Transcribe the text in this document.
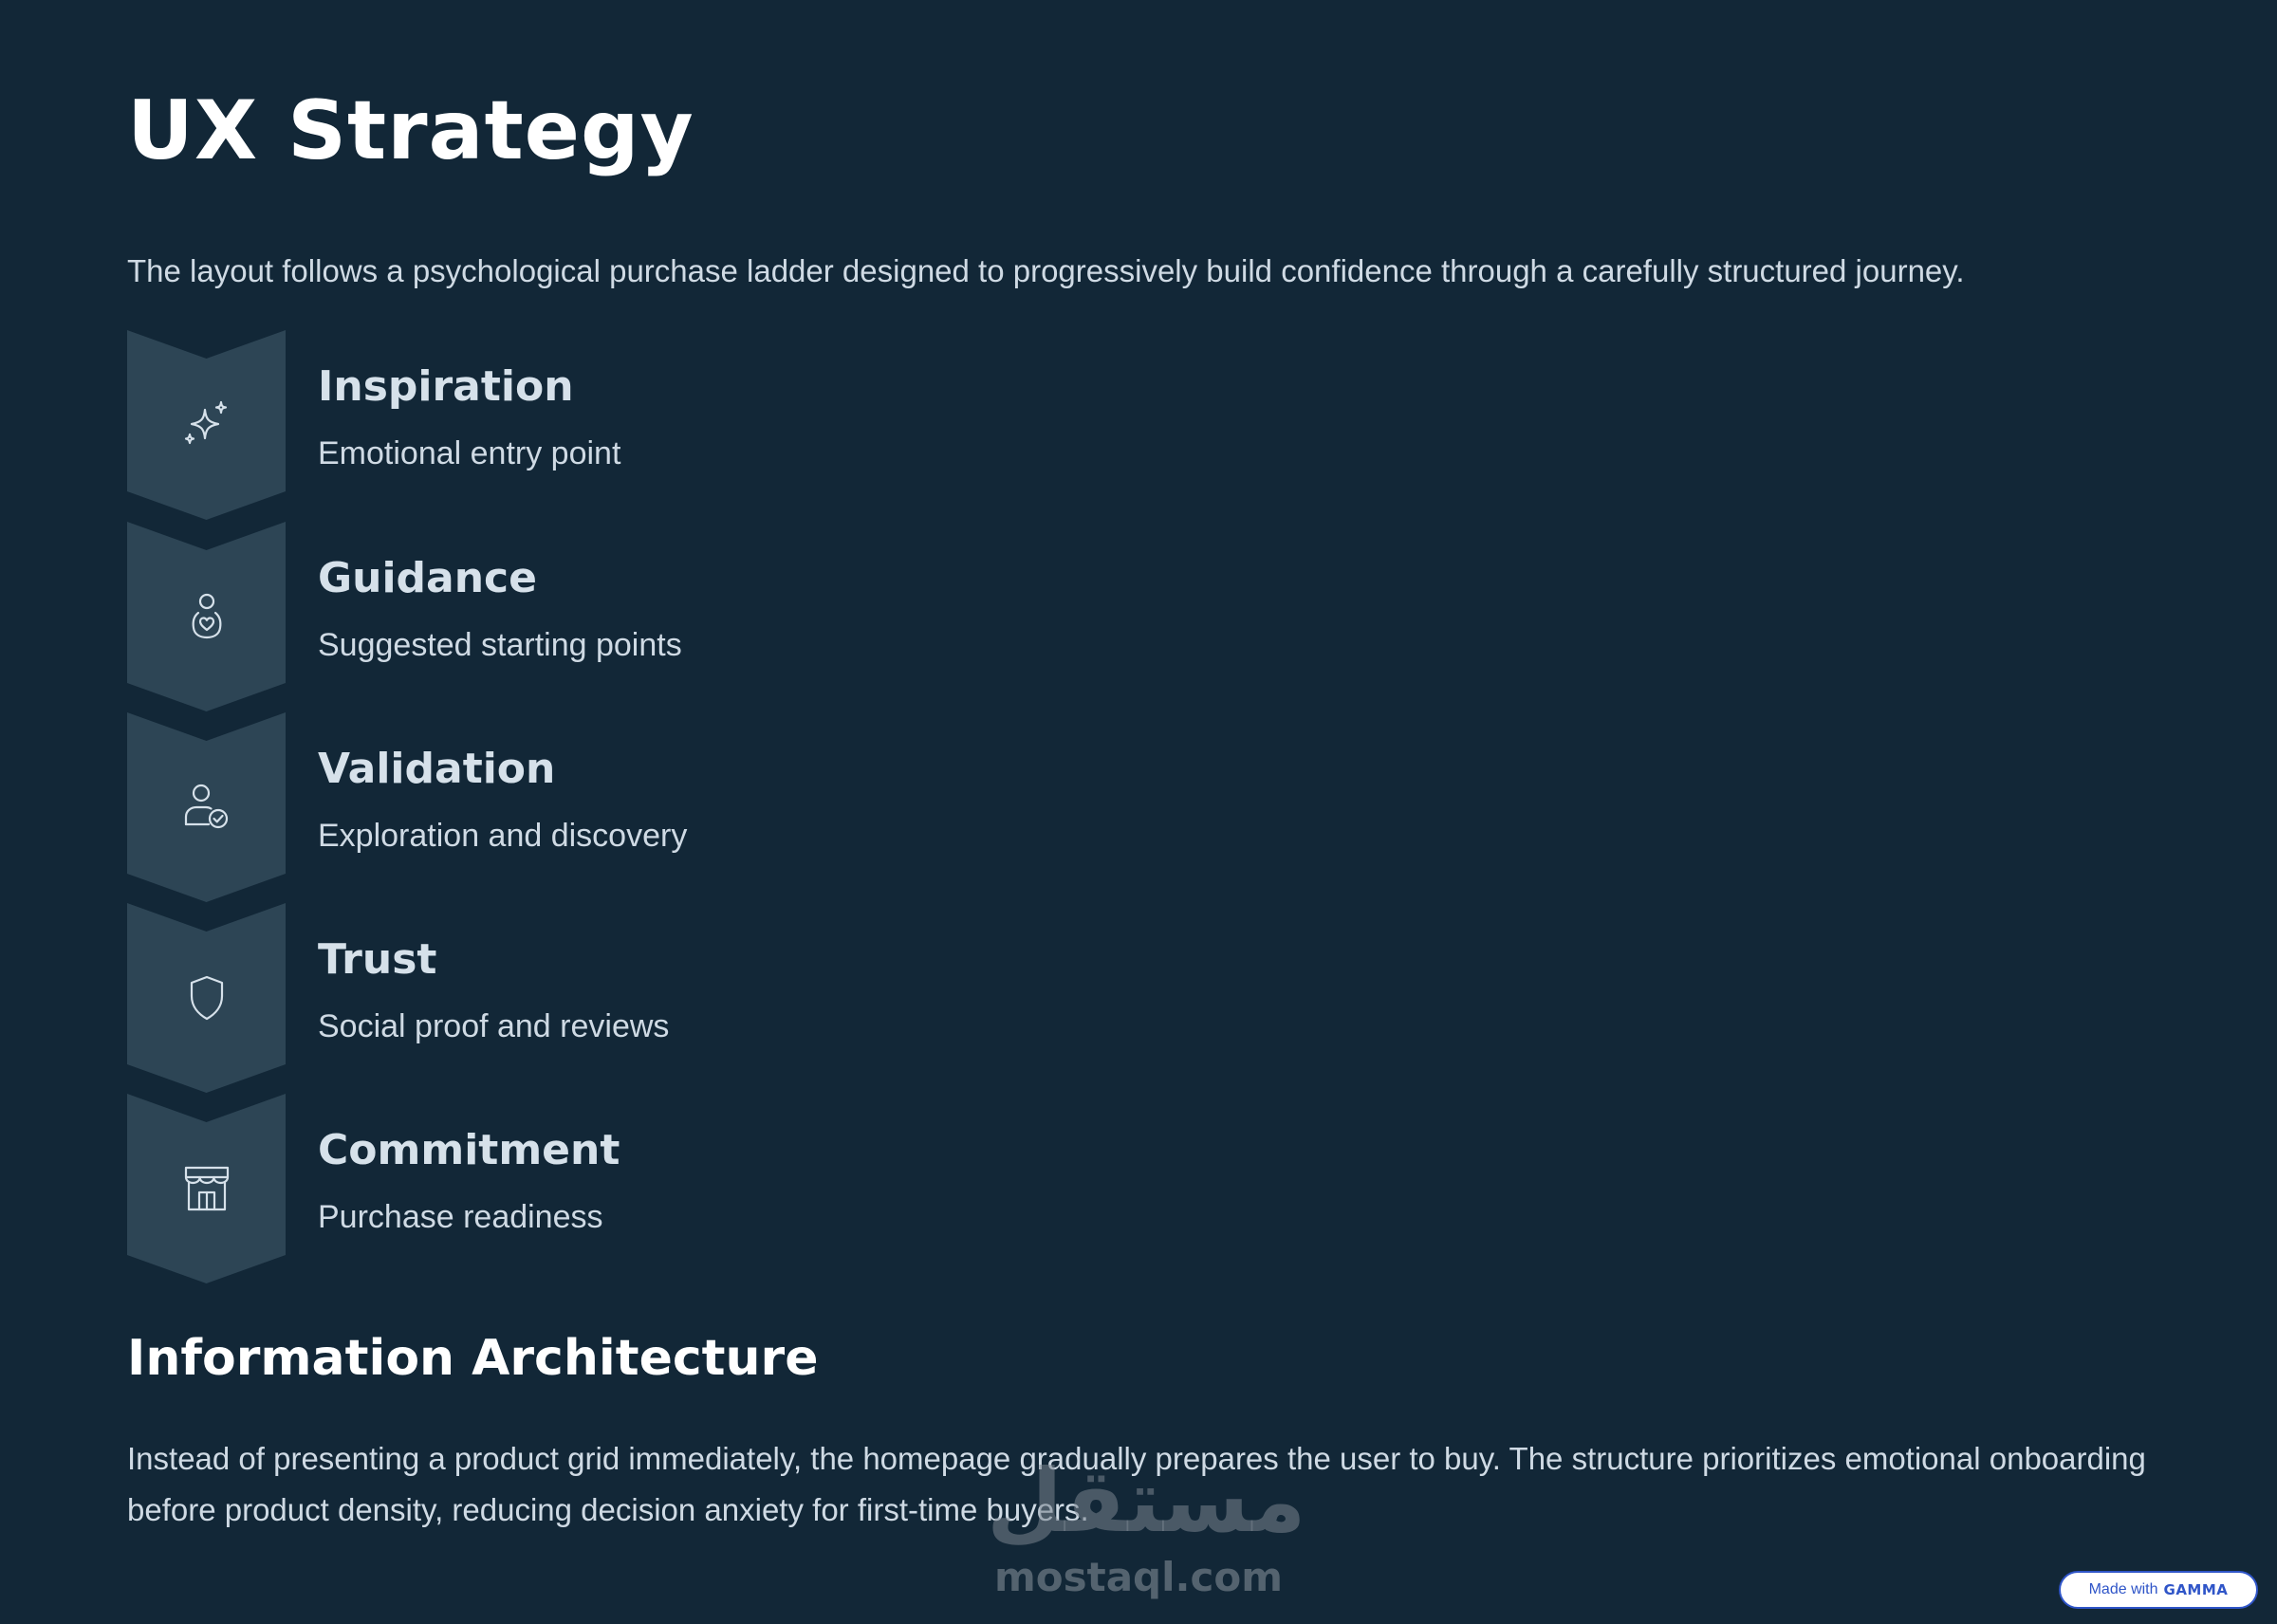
UX Strategy

The layout follows a psychological purchase ladder designed to progressively build confidence through a carefully structured journey.

Inspiration

Emotional entry point

Guidance

Suggested starting points

Validation

Exploration and discovery

Trust

Social proof and reviews

Commitment

Purchase readiness

Information Architecture

Instead of presenting a product grid immediately, the homepage gradually prepares the user to buy. The structure prioritizes emotional onboarding before product density, reducing decision anxiety for first-time buyers.

مستقل
mostaql.com	Made with GAMMA
